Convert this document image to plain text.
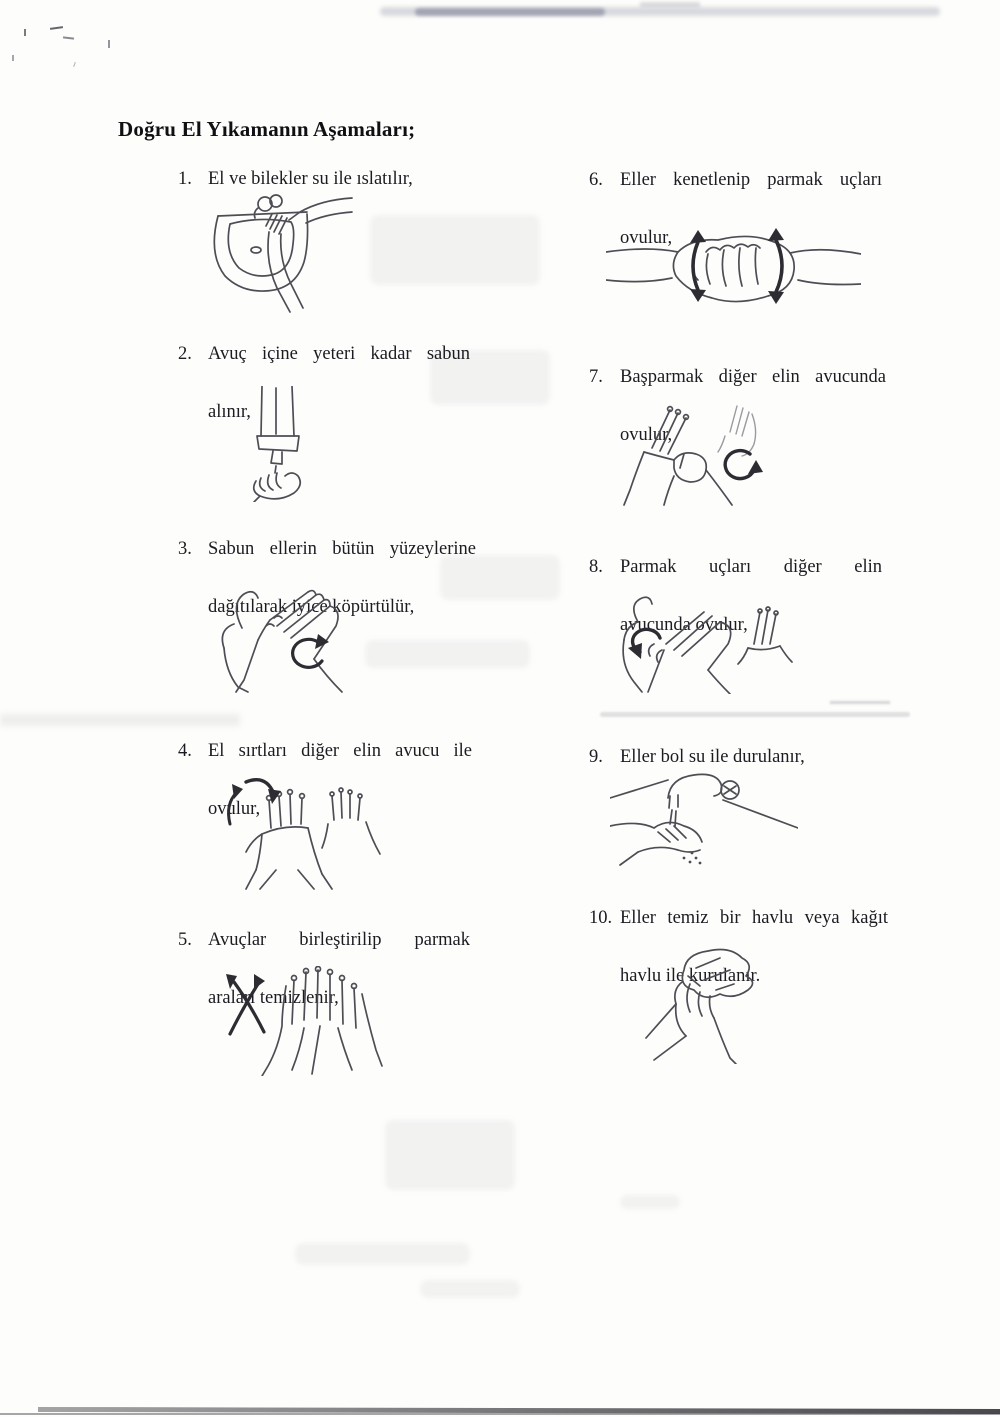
Doğru El Yıkamanın Aşamaları;
1. El ve bilekler su ile ıslatılır,
2. Avuç içine yeteri kadar sabun
alınır,
3. Sabun ellerin bütün yüzeylerine
dağıtılarak iyice köpürtülür,
4. El sırtları diğer elin avucu ile
ovulur,
5. Avuçlar birleştirilip parmak
araları temizlenir,
6. Eller kenetlenip parmak uçları
ovulur,
7. Başparmak diğer elin avucunda
ovulur,
8. Parmak uçları diğer elin
avucunda ovulur,
9. Eller bol su ile durulanır,
10. Eller temiz bir havlu veya kağıt
havlu ile kurulanır.
